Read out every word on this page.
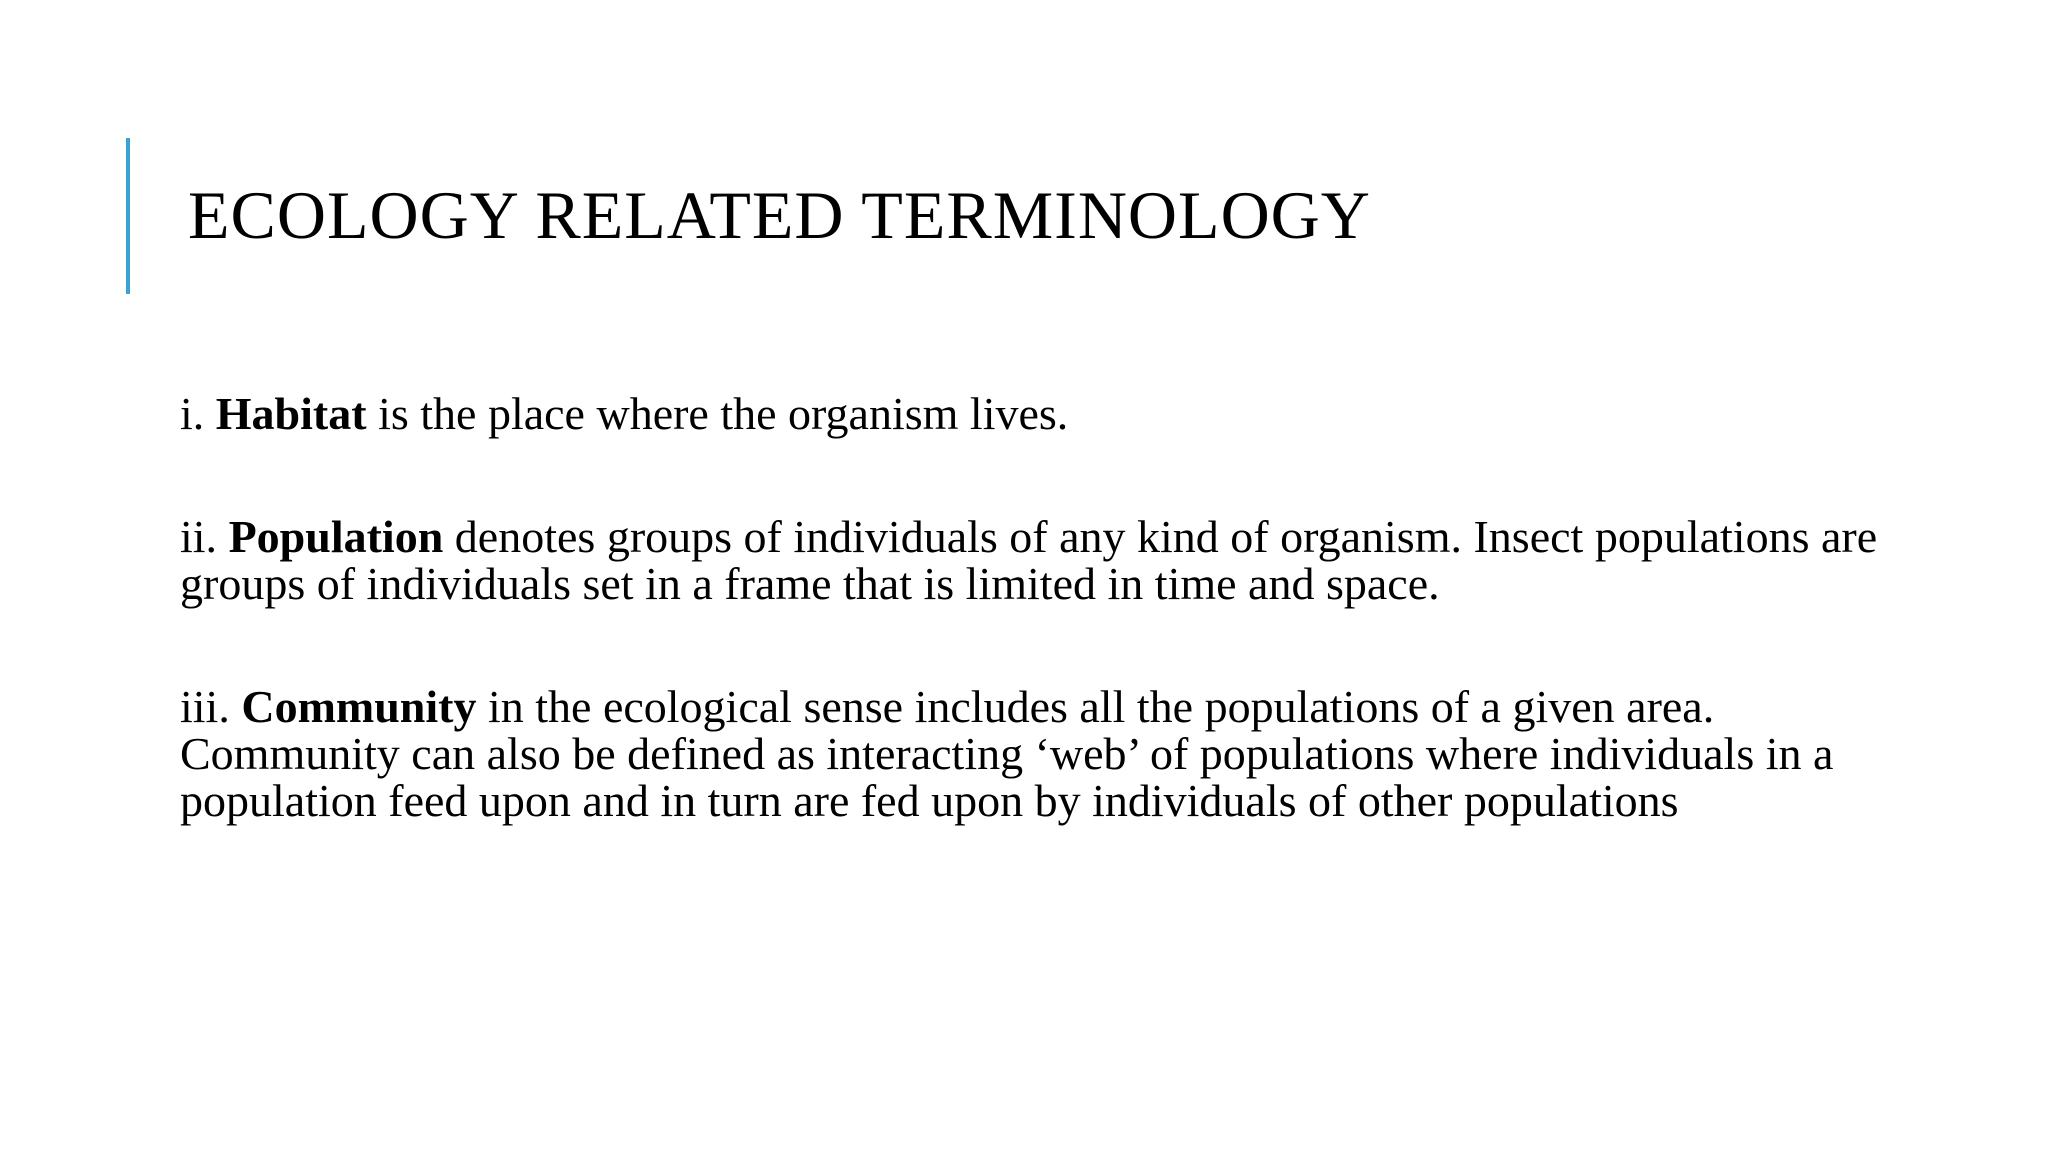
ECOLOGY RELATED TERMINOLOGY

i. Habitat is the place where the organism lives.

ii. Population denotes groups of individuals of any kind of organism. Insect populations are groups of individuals set in a frame that is limited in time and space.

iii. Community in the ecological sense includes all the populations of a given area. Community can also be defined as interacting ‘web’ of populations where individuals in a population feed upon and in turn are fed upon by individuals of other populations
